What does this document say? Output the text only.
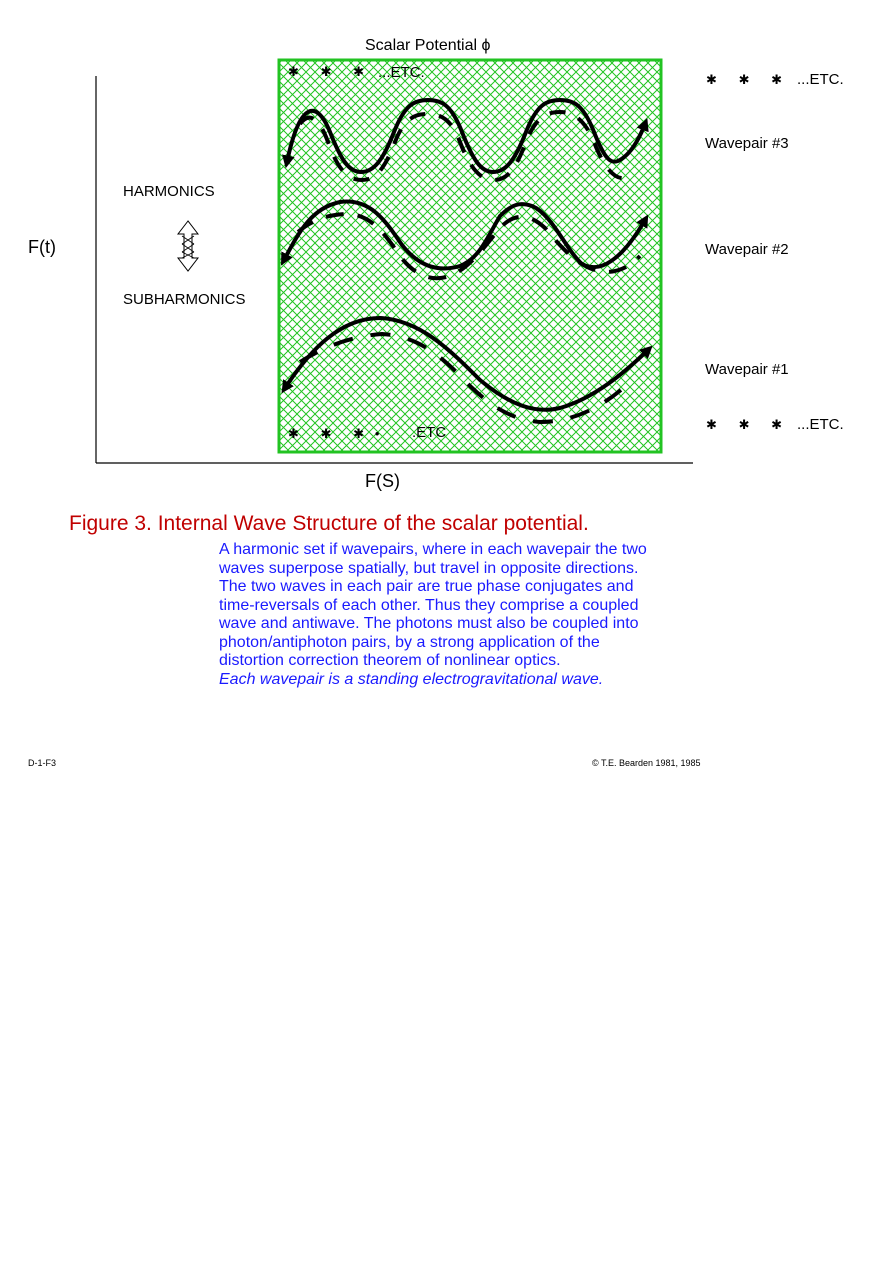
Scalar Potential ϕ
F(t)
F(S)
HARMONICS
SUBHARMONICS
✱      ✱      ✱ ...ETC.
✱      ✱      ✱   • .ETC
✱      ✱      ✱ ...ETC.
Wavepair #3
Wavepair #2
Wavepair #1
✱      ✱      ✱ ...ETC.
Figure 3. Internal Wave Structure of the scalar potential.
A harmonic set if wavepairs, where in each wavepair the two
waves superpose spatially, but travel in opposite directions.
The two waves in each pair are true phase conjugates and
time-reversals of each other. Thus they comprise a coupled
wave and antiwave. The photons must also be coupled into
photon/antiphoton pairs, by a strong application of the
distortion correction theorem of nonlinear optics.
Each wavepair is a standing electrogravitational wave.
D-1-F3	© T.E. Bearden 1981, 1985
